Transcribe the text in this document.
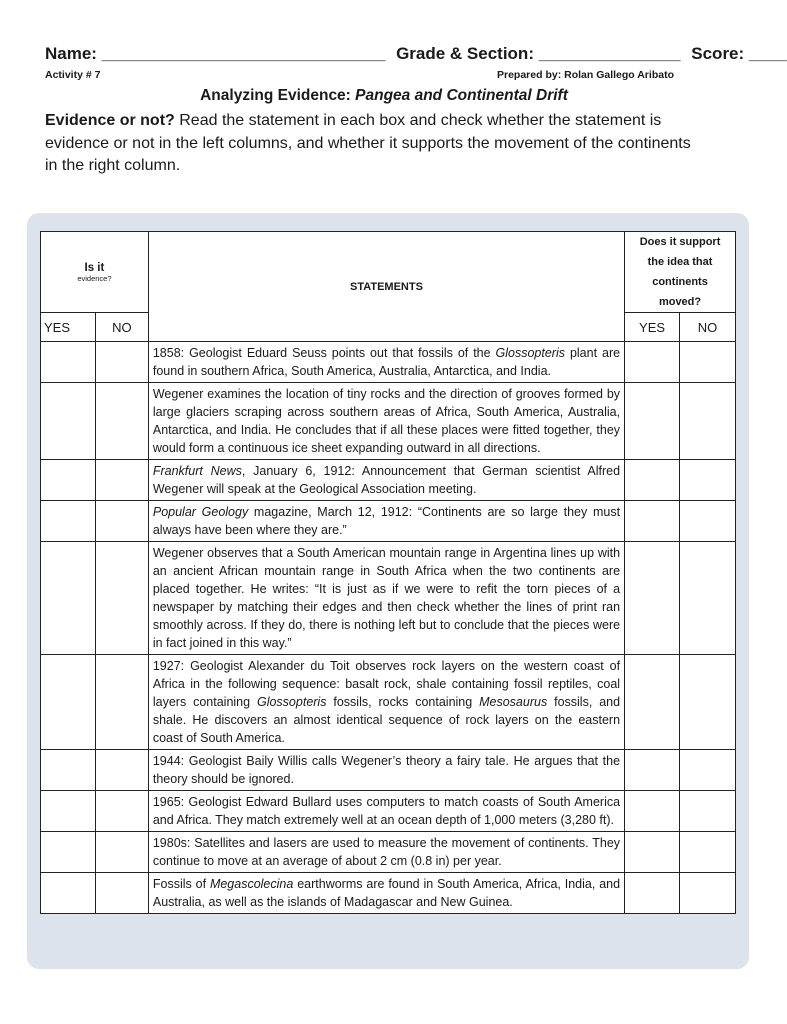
Name: ______________________________ Grade & Section: _______________ Score: ____
Activity # 7	Prepared by: Rolan Gallego Aribato
Analyzing Evidence: Pangea and Continental Drift
Evidence or not? Read the statement in each box and check whether the statement is evidence or not in the left columns, and whether it supports the movement of the continents in the right column.
Is it
evidence?		STATEMENTS	Does it support the idea that continents moved?	
YES	NO		YES	NO
		1858: Geologist Eduard Seuss points out that fossils of the Glossopteris plant are found in southern Africa, South America, Australia, Antarctica, and India.		
		Wegener examines the location of tiny rocks and the direction of grooves formed by large glaciers scraping across southern areas of Africa, South America, Australia, Antarctica, and India. He concludes that if all these places were fitted together, they would form a continuous ice sheet expanding outward in all directions.		
		Frankfurt News, January 6, 1912: Announcement that German scientist Alfred Wegener will speak at the Geological Association meeting.		
		Popular Geology magazine, March 12, 1912: “Continents are so large they must always have been where they are.”		
		Wegener observes that a South American mountain range in Argentina lines up with an ancient African mountain range in South Africa when the two continents are placed together. He writes: “It is just as if we were to refit the torn pieces of a newspaper by matching their edges and then check whether the lines of print ran smoothly across. If they do, there is nothing left but to conclude that the pieces were in fact joined in this way.”		
		1927: Geologist Alexander du Toit observes rock layers on the western coast of Africa in the following sequence: basalt rock, shale containing fossil reptiles, coal layers containing Glossopteris fossils, rocks containing Mesosaurus fossils, and shale. He discovers an almost identical sequence of rock layers on the eastern coast of South America.		
		1944: Geologist Baily Willis calls Wegener’s theory a fairy tale. He argues that the theory should be ignored.		
		1965: Geologist Edward Bullard uses computers to match coasts of South America and Africa. They match extremely well at an ocean depth of 1,000 meters (3,280 ft).		
		1980s: Satellites and lasers are used to measure the movement of continents. They continue to move at an average of about 2 cm (0.8 in) per year.		
		Fossils of Megascolecina earthworms are found in South America, Africa, India, and Australia, as well as the islands of Madagascar and New Guinea.		
